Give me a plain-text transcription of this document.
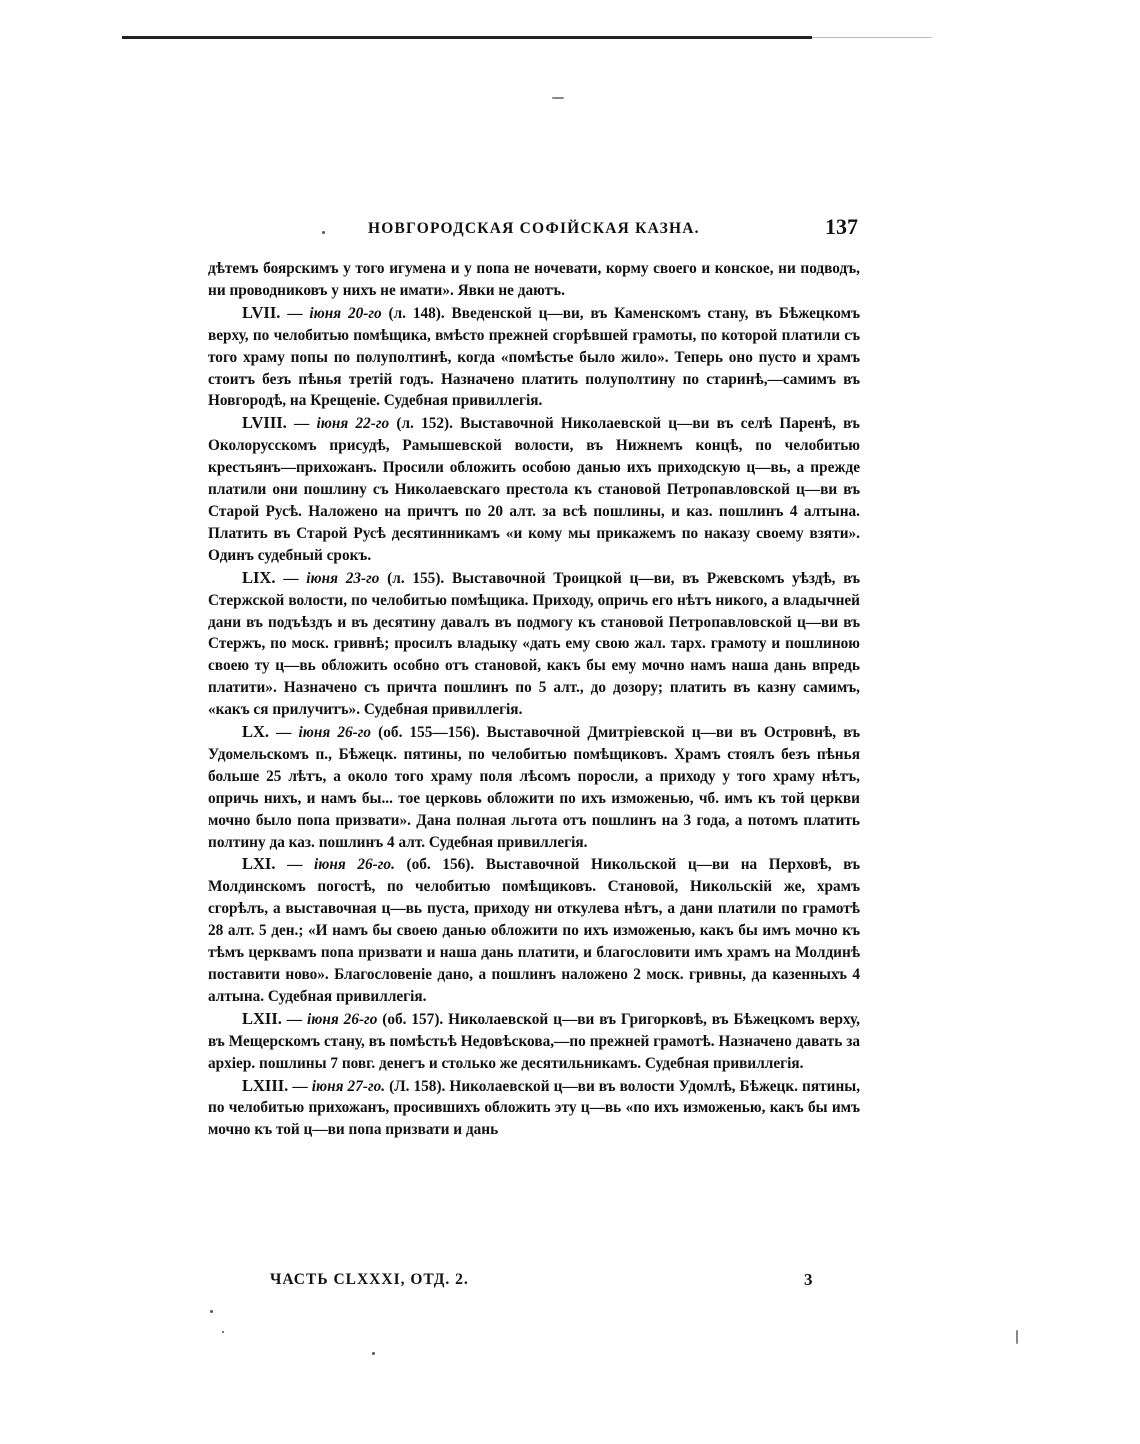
НОВГОРОДСКАЯ СОФІЙСКАЯ КАЗНА.	137

дѣтемъ боярскимъ у того игумена и у попа не ночевати, корму своего и конское, ни подводъ, ни проводниковъ у нихъ не имати». Явки не даютъ.

LVII. — іюня 20-го (л. 148). Введенской ц—ви, въ Каменскомъ стану, въ Бѣжецкомъ верху, по челобитью помѣщика, вмѣсто прежней сгорѣвшей грамоты, по которой платили съ того храму попы по полуполтинѣ, когда «помѣстье было жило». Теперь оно пусто и храмъ стоитъ безъ пѣнья третій годъ. Назначено платить полуполтину по старинѣ,—самимъ въ Новгородѣ, на Крещеніе. Судебная привиллегія.

LVIII. — іюня 22-го (л. 152). Выставочной Николаевской ц—ви въ селѣ Паренѣ, въ Околорусскомъ присудѣ, Рамышевской волости, въ Нижнемъ концѣ, по челобитью крестьянъ—прихожанъ. Просили обложить особою данью ихъ приходскую ц—вь, а прежде платили они пошлину съ Николаевскаго престола къ становой Петропавловской ц—ви въ Старой Русѣ. Наложено на причтъ по 20 алт. за всѣ пошлины, и каз. пошлинъ 4 алтына. Платить въ Старой Русѣ десятинникамъ «и кому мы прикажемъ по наказу своему взяти». Одинъ судебный срокъ.

LIX. — іюня 23-го (л. 155). Выставочной Троицкой ц—ви, въ Ржевскомъ уѣздѣ, въ Стержской волости, по челобитью помѣщика. Приходу, опричь его нѣтъ никого, а владычней дани въ подъѣздъ и въ десятину давалъ въ подмогу къ становой Петропавловской ц—ви въ Стержъ, по моск. гривнѣ; просилъ владыку «дать ему свою жал. тарх. грамоту и пошлиною своею ту ц—вь обложить особно отъ становой, какъ бы ему мочно намъ наша дань впредь платити». Назначено съ причта пошлинъ по 5 алт., до дозору; платить въ казну самимъ, «какъ ся прилучитъ». Судебная привиллегія.

LX. — іюня 26-го (об. 155—156). Выставочной Дмитріевской ц—ви въ Островнѣ, въ Удомельскомъ п., Бѣжецк. пятины, по челобитью помѣщиковъ. Храмъ стоялъ безъ пѣнья больше 25 лѣтъ, а около того храму поля лѣсомъ поросли, а приходу у того храму нѣтъ, опричь нихъ, и намъ бы... тое церковь обложити по ихъ изможенью, чб. имъ къ той церкви мочно было попа призвати». Дана полная льгота отъ пошлинъ на 3 года, а потомъ платить полтину да каз. пошлинъ 4 алт. Судебная привиллегія.

LXI. — іюня 26-го. (об. 156). Выставочной Никольской ц—ви на Перховѣ, въ Молдинскомъ погостѣ, по челобитью помѣщиковъ. Становой, Никольскій же, храмъ сгорѣлъ, а выставочная ц—вь пуста, приходу ни откулева нѣтъ, а дани платили по грамотѣ 28 алт. 5 ден.; «И намъ бы своею данью обложити по ихъ изможенью, какъ бы имъ мочно къ тѣмъ церквамъ попа призвати и наша дань платити, и благословити имъ храмъ на Молдинѣ поставити ново». Благословеніе дано, а пошлинъ наложено 2 моск. гривны, да казенныхъ 4 алтына. Судебная привиллегія.

LXII. — іюня 26-го (об. 157). Николаевской ц—ви въ Григорковѣ, въ Бѣжецкомъ верху, въ Мещерскомъ стану, въ помѣстьѣ Недовѣскова,—по прежней грамотѣ. Назначено давать за архіер. пошлины 7 повг. денегъ и столько же десятильникамъ. Судебная привиллегія.

LXIII. — іюня 27-го. (Л. 158). Николаевской ц—ви въ волости Удомлѣ, Бѣжецк. пятины, по челобитью прихожанъ, просившихъ обложить эту ц—вь «по ихъ изможенью, какъ бы имъ мочно къ той ц—ви попа призвати и дань

ЧАСТЬ CLXXXI, ОТД. 2.	3
